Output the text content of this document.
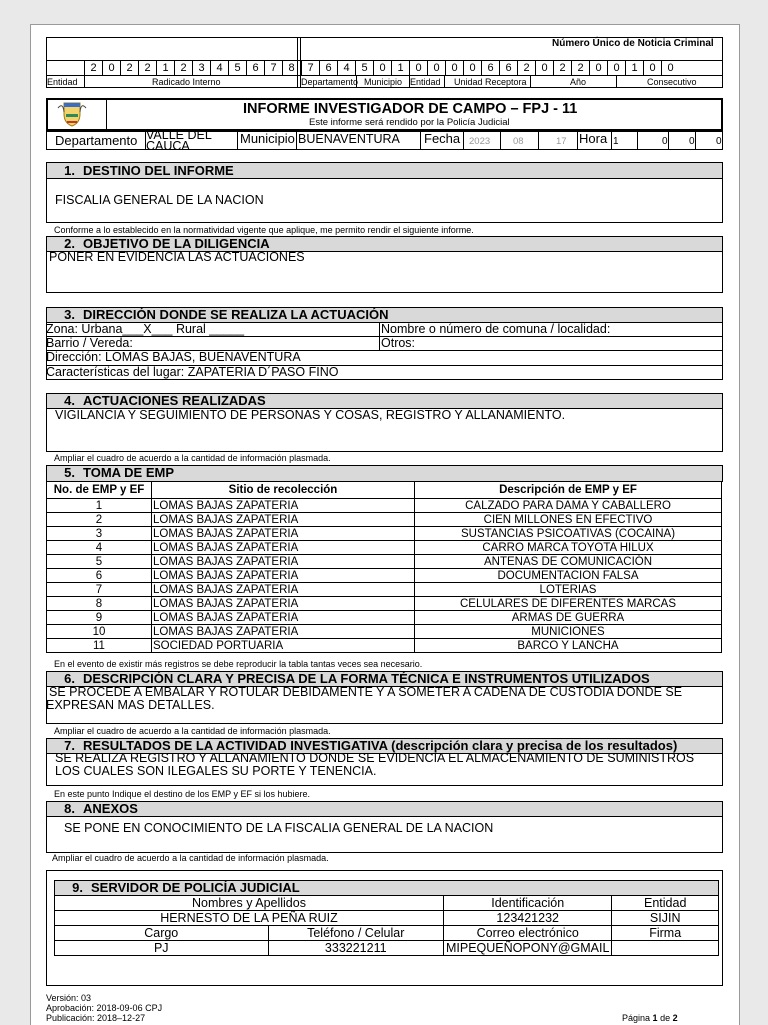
Número Único de Noticia Criminal
2	0	2	2	1	2	3	4	5	6	7	8 7	6	4	5	0	1	0	0	0	0	6	6	2	0	2	2	0	0	1	0	0
Entidad	Radicado Interno	Departamento Municipio Entidad Unidad Receptora	Año	Consecutivo
INFORME INVESTIGADOR DE CAMPO – FPJ - 11
Este informe será rendido por la Policía Judicial
Departamento VALLE DEL CAUCA	Municipio BUENAVENTURA Fecha 2023 08	17 Hora 1	0 0 0
1. DESTINO DEL INFORME
FISCALIA GENERAL DE LA NACION
Conforme a lo establecido en la normatividad vigente que aplique, me permito rendir el siguiente informe.
2. OBJETIVO DE LA DILIGENCIA
PONER EN EVIDENCIA LAS ACTUACIONES
3. DIRECCIÓN DONDE SE REALIZA LA ACTUACIÓN
Zona: Urbana___X___ Rural _____	Nombre o número de comuna / localidad:
Barrio / Vereda:	Otros:
Dirección: LOMAS BAJAS, BUENAVENTURA
Características del lugar: ZAPATERIA D´PASO FINO
4. ACTUACIONES REALIZADAS
VIGILANCIA Y SEGUIMIENTO DE PERSONAS Y COSAS, REGISTRO Y ALLANAMIENTO.
Ampliar el cuadro de acuerdo a la cantidad de información plasmada.
5. TOMA DE EMP
No. de EMP y EF	Sitio de recolección	Descripción de EMP y EF
1	LOMAS BAJAS ZAPATERIA	CALZADO PARA DAMA Y CABALLERO
2	LOMAS BAJAS ZAPATERIA	CIEN MILLONES EN EFECTIVO
3	LOMAS BAJAS ZAPATERIA	SUSTANCIAS PSICOATIVAS (COCAINA)
4	LOMAS BAJAS ZAPATERIA	CARRO MARCA TOYOTA HILUX
5	LOMAS BAJAS ZAPATERIA	ANTENAS DE COMUNICACIÓN
6	LOMAS BAJAS ZAPATERIA	DOCUMENTACION FALSA
7	LOMAS BAJAS ZAPATERIA	LOTERIAS
8	LOMAS BAJAS ZAPATERIA	CELULARES DE DIFERENTES MARCAS
9	LOMAS BAJAS ZAPATERIA	ARMAS DE GUERRA
10	LOMAS BAJAS ZAPATERIA	MUNICIONES
11	SOCIEDAD PORTUARIA	BARCO Y LANCHA
En el evento de existir más registros se debe reproducir la tabla tantas veces sea necesario.
6. DESCRIPCIÓN CLARA Y PRECISA DE LA FORMA TÉCNICA E INSTRUMENTOS UTILIZADOS
SE PROCEDE A EMBALAR Y ROTULAR DEBIDAMENTE Y A SOMETER A CADENA DE CUSTODIA DONDE SE
EXPRESAN MAS DETALLES.
Ampliar el cuadro de acuerdo a la cantidad de información plasmada.
7. RESULTADOS DE LA ACTIVIDAD INVESTIGATIVA (descripción clara y precisa de los resultados)
SE REALIZA REGISTRO Y ALLANAMIENTO DONDE SE EVIDENCIA EL ALMACENAMIENTO DE SUMINISTROS
LOS CUALES SON ILEGALES SU PORTE Y TENENCIA.
En este punto Indique el destino de los EMP y EF si los hubiere.
8. ANEXOS
SE PONE EN CONOCIMIENTO DE LA FISCALIA GENERAL DE LA NACION
Ampliar el cuadro de acuerdo a la cantidad de información plasmada.
9. SERVIDOR DE POLICÍA JUDICIAL
Nombres y Apellidos		Identificación	Entidad
HERNESTO DE LA PEÑA RUIZ		123421232	SIJIN
Cargo	Teléfono / Celular	Correo electrónico	Firma
PJ	333221211	MIPEQUEÑOPONY@GMAIL	
Versión: 03
Aprobación: 2018-09-06 CPJ
Publicación: 2018–12-27	Página 1 de 2
